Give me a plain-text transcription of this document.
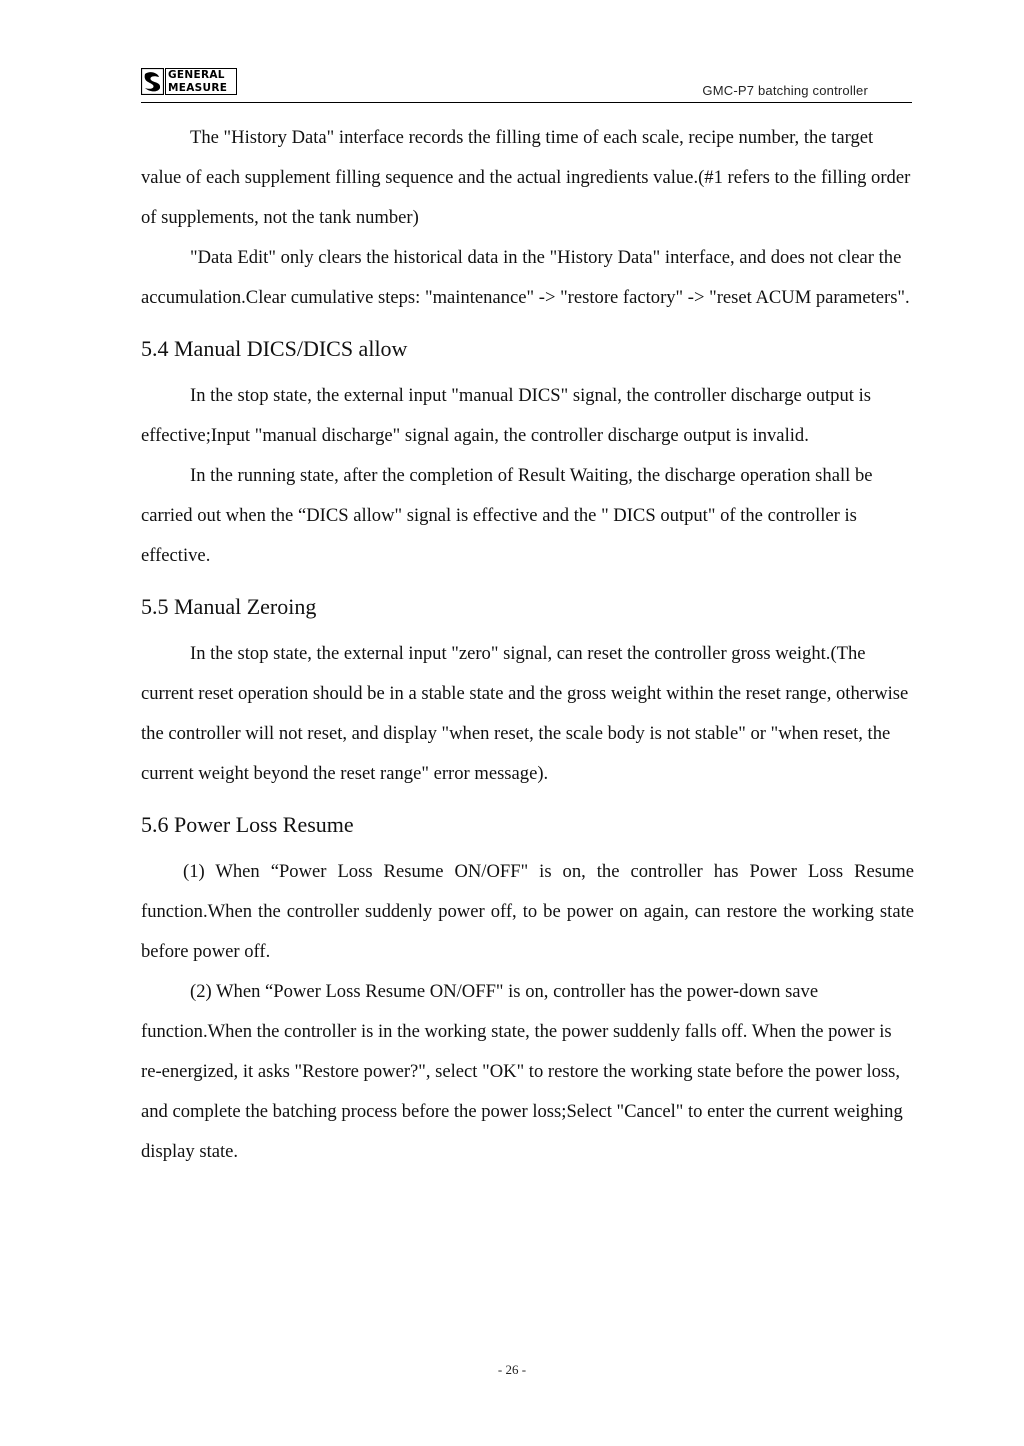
GENERAL
MEASURE	GMC-P7 batching controller

The "History Data" interface records the filling time of each scale, recipe number, the target value of each supplement filling sequence and the actual ingredients value.(#1 refers to the filling order of supplements, not the tank number)

"Data Edit" only clears the historical data in the "History Data" interface, and does not clear the accumulation.Clear cumulative steps: "maintenance" -> "restore factory" -> "reset ACUM parameters".

5.4 Manual DICS/DICS allow

In the stop state, the external input "manual DICS" signal, the controller discharge output is effective;Input "manual discharge" signal again, the controller discharge output is invalid.

In the running state, after the completion of Result Waiting, the discharge operation shall be carried out when the “DICS allow" signal is effective and the " DICS output" of the controller is effective.

5.5 Manual Zeroing

In the stop state, the external input "zero" signal, can reset the controller gross weight.(The current reset operation should be in a stable state and the gross weight within the reset range, otherwise the controller will not reset, and display "when reset, the scale body is not stable" or "when reset, the current weight beyond the reset range" error message).

5.6 Power Loss Resume

(1) When “Power Loss Resume ON/OFF" is on, the controller has Power Loss Resume function.When the controller suddenly power off, to be power on again, can restore the working state before power off.

(2) When “Power Loss Resume ON/OFF" is on, controller has the power-down save function.When the controller is in the working state, the power suddenly falls off. When the power is re-energized, it asks "Restore power?", select "OK" to restore the working state before the power loss, and complete the batching process before the power loss;Select "Cancel" to enter the current weighing display state.

- 26 -
